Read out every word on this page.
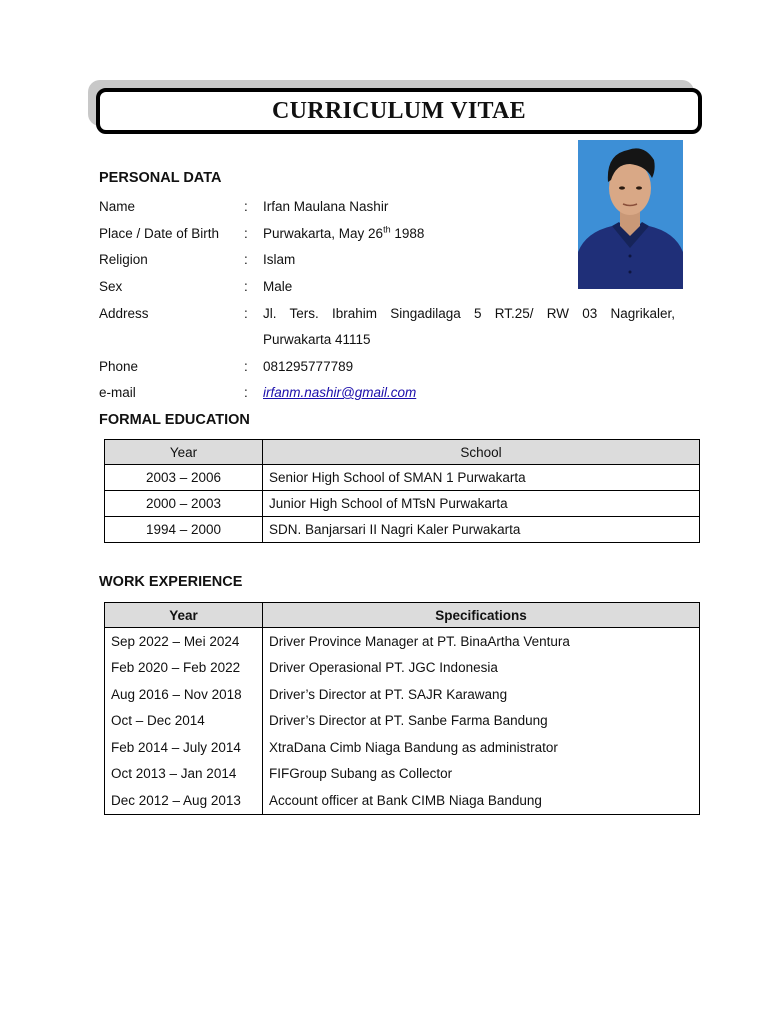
CURRICULUM VITAE
PERSONAL DATA
Name	: Irfan Maulana Nashir
Place / Date of Birth : Purwakarta, May 26th 1988
Religion	: Islam
Sex	: Male
Address	: Jl. Ters. Ibrahim Singadilaga 5 RT.25/ RW 03 Nagrikaler,
Purwakarta 41115
Phone	: 081295777789
e-mail	: irfanm.nashir@gmail.com
FORMAL EDUCATION
Year	School
2003 – 2006	Senior High School of SMAN 1 Purwakarta
2000 – 2003	Junior High School of MTsN Purwakarta
1994 – 2000	SDN. Banjarsari II Nagri Kaler Purwakarta
WORK EXPERIENCE
Year	Specifications
Sep 2022 – Mei 2024	Driver Province Manager at PT. BinaArtha Ventura
Feb 2020 – Feb 2022	Driver Operasional PT. JGC Indonesia
Aug 2016 – Nov 2018	Driver’s Director at PT. SAJR Karawang
Oct – Dec 2014	Driver’s Director at PT. Sanbe Farma Bandung
Feb 2014 – July 2014	XtraDana Cimb Niaga Bandung as administrator
Oct 2013 – Jan 2014	FIFGroup Subang as Collector
Dec 2012 – Aug 2013	Account officer at Bank CIMB Niaga Bandung
